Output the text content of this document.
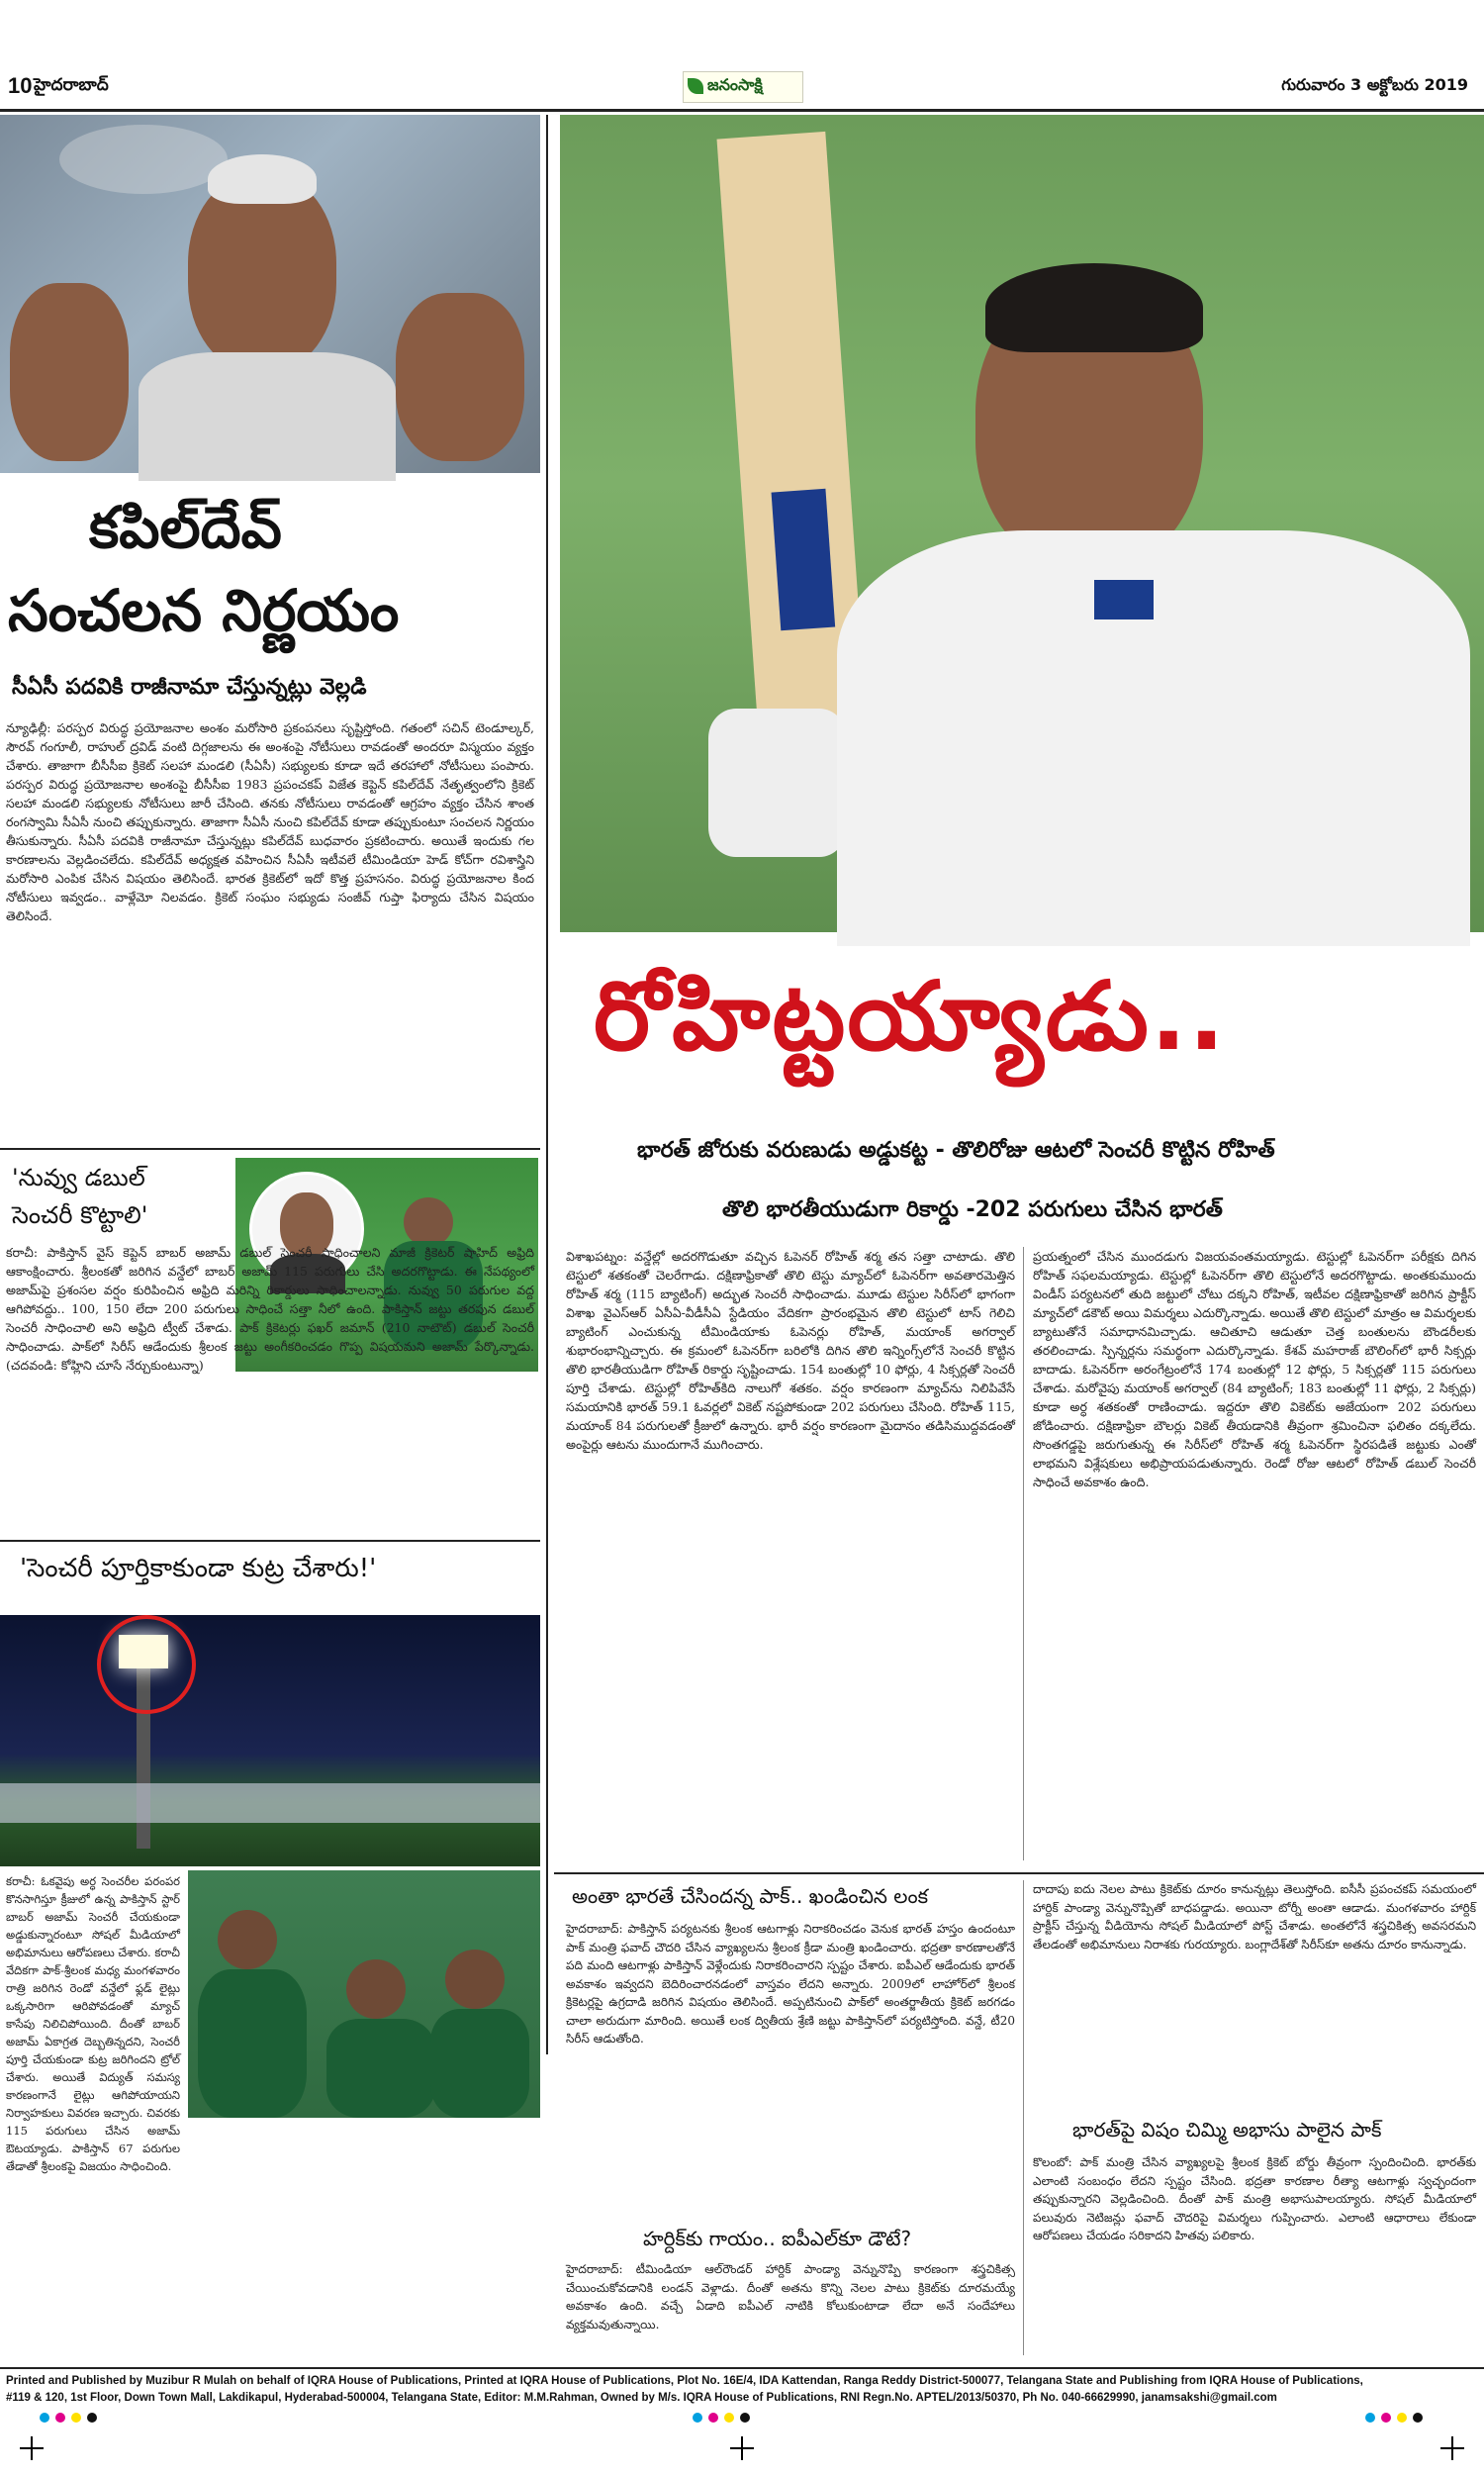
10 హైదరాబాద్	జనంసాక్షి	గురువారం 3 అక్టోబరు 2019
కపిల్‌దేవ్
సంచలన నిర్ణయం
సీఏసీ పదవికి రాజీనామా చేస్తున్నట్లు వెల్లడి
న్యూఢిల్లీ: పరస్పర విరుద్ధ ప్రయోజనాల అంశం మరోసారి ప్రకంపనలు సృష్టిస్తోంది. గతంలో సచిన్ టెండూల్కర్, సౌరవ్ గంగూలీ, రాహుల్ ద్రవిడ్ వంటి దిగ్గజాలను ఈ అంశంపై నోటీసులు రావడంతో అందరూ విస్మయం వ్యక్తం చేశారు. తాజాగా బీసీసీఐ క్రికెట్ సలహా మండలి (సీఏసీ) సభ్యులకు కూడా ఇదే తరహాలో నోటీసులు పంపారు. పరస్పర విరుద్ధ ప్రయోజనాల అంశంపై బీసీసీఐ 1983 ప్రపంచకప్ విజేత కెప్టెన్ కపిల్‌దేవ్ నేతృత్వంలోని క్రికెట్ సలహా మండలి సభ్యులకు నోటీసులు జారీ చేసింది. తనకు నోటీసులు రావడంతో ఆగ్రహం వ్యక్తం చేసిన శాంత రంగస్వామి సీఏసీ నుంచి తప్పుకున్నారు. తాజాగా సీఏసీ నుంచి కపిల్‌దేవ్ కూడా తప్పుకుంటూ సంచలన నిర్ణయం తీసుకున్నారు. సీఏసీ పదవికి రాజీనామా చేస్తున్నట్లు కపిల్‌దేవ్ బుధవారం ప్రకటించారు. అయితే ఇందుకు గల కారణాలను వెల్లడించలేదు. కపిల్‌దేవ్ అధ్యక్షత వహించిన సీఏసీ ఇటీవలే టీమిండియా హెడ్ కోచ్‌గా రవిశాస్త్రిని మరోసారి ఎంపిక చేసిన విషయం తెలిసిందే. భారత క్రికెట్‌లో ఇదో కొత్త ప్రహసనం. విరుద్ధ ప్రయోజనాల కింద నోటీసులు ఇవ్వడం.. వాళ్లేమో నిలవడం. క్రికెట్ సంఘం సభ్యుడు సంజీవ్ గుప్తా ఫిర్యాదు చేసిన విషయం తెలిసిందే.
'నువ్వు డబుల్
సెంచరీ కొట్టాలి'
కరాచీ: పాకిస్తాన్ వైస్ కెప్టెన్ బాబర్ అజామ్ డబుల్ సెంచరీ సాధించాలని మాజీ క్రికెటర్ షాహిద్ అఫ్రిది ఆకాంక్షించారు. శ్రీలంకతో జరిగిన వన్డేలో బాబర్ అజామ్ 115 పరుగులు చేసి అదరగొట్టాడు. ఈ నేపథ్యంలో అజామ్‌పై ప్రశంసల వర్షం కురిపించిన అఫ్రిది మరిన్ని రికార్డులు సాధించాలన్నాడు. నువ్వు 50 పరుగుల వద్ద ఆగిపోవద్దు.. 100, 150 లేదా 200 పరుగులు సాధించే సత్తా నీలో ఉంది. పాకిస్తాన్ జట్టు తరపున డబుల్ సెంచరీ సాధించాలి అని అఫ్రిది ట్వీట్ చేశాడు. పాక్ క్రికెటర్లు ఫఖర్ జమాన్ (210 నాటౌట్) డబుల్ సెంచరీ సాధించాడు. పాక్‌లో సిరీస్ ఆడేందుకు శ్రీలంక జట్టు అంగీకరించడం గొప్ప విషయమని అజామ్ పేర్కొన్నాడు. (చదవండి: కోహ్లిని చూసే నేర్చుకుంటున్నా)
'సెంచరీ పూర్తికాకుండా కుట్ర చేశారు!'
కరాచీ: ఓకవైపు అర్ధ సెంచరీల పరంపర కొనసాగిస్తూ క్రీజులో ఉన్న పాకిస్తాన్ స్టార్ బాబర్ అజామ్ సెంచరీ చేయకుండా అడ్డుకున్నారంటూ సోషల్ మీడియాలో అభిమానులు ఆరోపణలు చేశారు. కరాచీ వేదికగా పాక్-శ్రీలంక మధ్య మంగళవారం రాత్రి జరిగిన రెండో వన్డేలో ఫ్లడ్ లైట్లు ఒక్కసారిగా ఆరిపోవడంతో మ్యాచ్ కాసేపు నిలిచిపోయింది. దీంతో బాబర్ అజామ్ ఏకాగ్రత దెబ్బతిన్నదని, సెంచరీ పూర్తి చేయకుండా కుట్ర జరిగిందని ట్రోల్ చేశారు. అయితే విద్యుత్ సమస్య కారణంగానే లైట్లు ఆగిపోయాయని నిర్వాహకులు వివరణ ఇచ్చారు. చివరకు 115 పరుగులు చేసిన అజామ్ ఔటయ్యాడు. పాకిస్తాన్ 67 పరుగుల తేడాతో శ్రీలంకపై విజయం సాధించింది.
రోహిట్టయ్యాడు..
భారత్ జోరుకు వరుణుడు అడ్డుకట్ట - తొలిరోజు ఆటలో సెంచరీ కొట్టిన రోహిత్
తొలి భారతీయుడుగా రికార్డు -202 పరుగులు చేసిన భారత్
విశాఖపట్నం: వన్డేల్లో అదరగొడుతూ వచ్చిన ఓపెనర్ రోహిత్ శర్మ తన సత్తా చాటాడు. తొలి టెస్టులో శతకంతో చెలరేగాడు. దక్షిణాఫ్రికాతో తొలి టెస్టు మ్యాచ్‌లో ఓపెనర్‌గా అవతారమెత్తిన రోహిత్ శర్మ (115 బ్యాటింగ్) అద్భుత సెంచరీ సాధించాడు. మూడు టెస్టుల సిరీస్‌లో భాగంగా విశాఖ వైఎస్‌ఆర్ ఏసీఏ-వీడీసీఏ స్టేడియం వేదికగా ప్రారంభమైన తొలి టెస్టులో టాస్ గెలిచి బ్యాటింగ్ ఎంచుకున్న టీమిండియాకు ఓపెనర్లు రోహిత్, మయాంక్ అగర్వాల్ శుభారంభాన్నిచ్చారు. ఈ క్రమంలో ఓపెనర్‌గా బరిలోకి దిగిన తొలి ఇన్నింగ్స్‌లోనే సెంచరీ కొట్టిన తొలి భారతీయుడిగా రోహిత్ రికార్డు సృష్టించాడు. 154 బంతుల్లో 10 ఫోర్లు, 4 సిక్సర్లతో సెంచరీ పూర్తి చేశాడు. టెస్టుల్లో రోహిత్‌కిది నాలుగో శతకం. వర్షం కారణంగా మ్యాచ్‌ను నిలిపివేసే సమయానికి భారత్ 59.1 ఓవర్లలో వికెట్ నష్టపోకుండా 202 పరుగులు చేసింది. రోహిత్ 115, మయాంక్ 84 పరుగులతో క్రీజులో ఉన్నారు. భారీ వర్షం కారణంగా మైదానం తడిసిముద్దవడంతో అంపైర్లు ఆటను ముందుగానే ముగించారు.
ప్రయత్నంలో చేసిన ముందడుగు విజయవంతమయ్యాడు. టెస్టుల్లో ఓపెనర్‌గా పరీక్షకు దిగిన రోహిత్ సఫలమయ్యాడు. టెస్టుల్లో ఓపెనర్‌గా తొలి టెస్టులోనే అదరగొట్టాడు. అంతకుముందు విండీస్ పర్యటనలో తుది జట్టులో చోటు దక్కని రోహిత్, ఇటీవల దక్షిణాఫ్రికాతో జరిగిన ప్రాక్టీస్ మ్యాచ్‌లో డకౌట్ అయి విమర్శలు ఎదుర్కొన్నాడు. అయితే తొలి టెస్టులో మాత్రం ఆ విమర్శలకు బ్యాటుతోనే సమాధానమిచ్చాడు. ఆచితూచి ఆడుతూ చెత్త బంతులను బౌండరీలకు తరలించాడు. స్పిన్నర్లను సమర్థంగా ఎదుర్కొన్నాడు. కేశవ్ మహరాజ్ బౌలింగ్‌లో భారీ సిక్సర్లు బాదాడు. ఓపెనర్‌గా అరంగేట్రంలోనే 174 బంతుల్లో 12 ఫోర్లు, 5 సిక్సర్లతో 115 పరుగులు చేశాడు. మరోవైపు మయాంక్ అగర్వాల్ (84 బ్యాటింగ్; 183 బంతుల్లో 11 ఫోర్లు, 2 సిక్సర్లు) కూడా అర్ధ శతకంతో రాణించాడు. ఇద్దరూ తొలి వికెట్‌కు అజేయంగా 202 పరుగులు జోడించారు. దక్షిణాఫ్రికా బౌలర్లు వికెట్ తీయడానికి తీవ్రంగా శ్రమించినా ఫలితం దక్కలేదు. సొంతగడ్డపై జరుగుతున్న ఈ సిరీస్‌లో రోహిత్ శర్మ ఓపెనర్‌గా స్థిరపడితే జట్టుకు ఎంతో లాభమని విశ్లేషకులు అభిప్రాయపడుతున్నారు. రెండో రోజు ఆటలో రోహిత్ డబుల్ సెంచరీ సాధించే అవకాశం ఉంది.
అంతా భారతే చేసిందన్న పాక్.. ఖండించిన లంక
హైదరాబాద్: పాకిస్తాన్ పర్యటనకు శ్రీలంక ఆటగాళ్లు నిరాకరించడం వెనుక భారత్ హస్తం ఉందంటూ పాక్ మంత్రి ఫవాద్ చౌదరి చేసిన వ్యాఖ్యలను శ్రీలంక క్రీడా మంత్రి ఖండించారు. భద్రతా కారణాలతోనే పది మంది ఆటగాళ్లు పాకిస్తాన్ వెళ్లేందుకు నిరాకరించారని స్పష్టం చేశారు. ఐపీఎల్ ఆడేందుకు భారత్ అవకాశం ఇవ్వదని బెదిరించారనడంలో వాస్తవం లేదని అన్నారు. 2009లో లాహోర్‌లో శ్రీలంక క్రికెటర్లపై ఉగ్రదాడి జరిగిన విషయం తెలిసిందే. అప్పటినుంచి పాక్‌లో అంతర్జాతీయ క్రికెట్ జరగడం చాలా అరుదుగా మారింది. అయితే లంక ద్వితీయ శ్రేణి జట్టు పాకిస్తాన్‌లో పర్యటిస్తోంది. వన్డే, టీ20 సిరీస్ ఆడుతోంది.
హర్దిక్‌కు గాయం.. ఐపీఎల్‌కూ డౌటే?
హైదరాబాద్: టీమిండియా ఆల్‌రౌండర్ హార్దిక్ పాండ్యా వెన్నునొప్పి కారణంగా శస్త్రచికిత్స చేయించుకోవడానికి లండన్ వెళ్లాడు. దీంతో అతను కొన్ని నెలల పాటు క్రికెట్‌కు దూరమయ్యే అవకాశం ఉంది. వచ్చే ఏడాది ఐపీఎల్ నాటికి కోలుకుంటాడా లేదా అనే సందేహాలు వ్యక్తమవుతున్నాయి.
దాదాపు ఐదు నెలల పాటు క్రికెట్‌కు దూరం కానున్నట్లు తెలుస్తోంది. ఐసీసీ ప్రపంచకప్ సమయంలో హార్దిక్ పాండ్యా వెన్నునొప్పితో బాధపడ్డాడు. అయినా టోర్నీ అంతా ఆడాడు. మంగళవారం హార్దిక్ ప్రాక్టీస్ చేస్తున్న వీడియోను సోషల్ మీడియాలో పోస్ట్ చేశాడు. అంతలోనే శస్త్రచికిత్స అవసరమని తేలడంతో అభిమానులు నిరాశకు గురయ్యారు. బంగ్లాదేశ్‌తో సిరీస్‌కూ అతను దూరం కానున్నాడు.
భారత్‌పై విషం చిమ్మి అభాసు పాలైన పాక్
కొలంబో: పాక్ మంత్రి చేసిన వ్యాఖ్యలపై శ్రీలంక క్రికెట్ బోర్డు తీవ్రంగా స్పందించింది. భారత్‌కు ఎలాంటి సంబంధం లేదని స్పష్టం చేసింది. భద్రతా కారణాల రీత్యా ఆటగాళ్లు స్వచ్ఛందంగా తప్పుకున్నారని వెల్లడించింది. దీంతో పాక్ మంత్రి అభాసుపాలయ్యారు. సోషల్ మీడియాలో పలువురు నెటిజన్లు ఫవాద్ చౌదరిపై విమర్శలు గుప్పించారు. ఎలాంటి ఆధారాలు లేకుండా ఆరోపణలు చేయడం సరికాదని హితవు పలికారు.
Printed and Published by Muzibur R Mulah on behalf of IQRA House of Publications, Printed at IQRA House of Publications, Plot No. 16E/4, IDA Kattendan, Ranga Reddy District-500077, Telangana State and Publishing from IQRA House of Publications,
#119 & 120, 1st Floor, Down Town Mall, Lakdikapul, Hyderabad-500004, Telangana State, Editor: M.M.Rahman, Owned by M/s. IQRA House of Publications, RNI Regn.No. APTEL/2013/50370, Ph No. 040-66629990, janamsakshi@gmail.com
